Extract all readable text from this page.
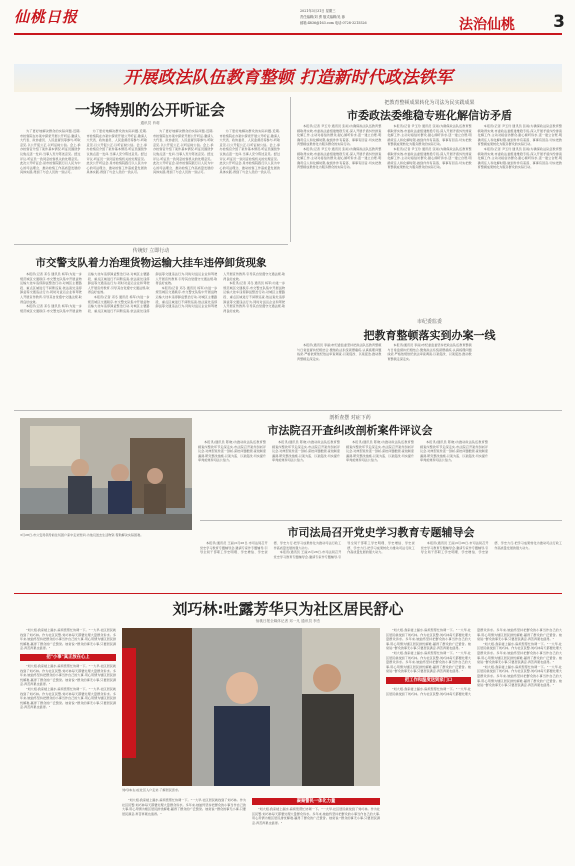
仙桃日报	2021年3月31日 星期三
责任编辑/刘 勇 版式编辑/吴 蓉
邮箱:4836@163.com 电话:0728-3215526	法治仙桃 3
开展政法队伍教育整顿 打造新时代政法铁军
一场特别的公开听证会
通讯员 肖莉

为了更好地解决群众的实际问题,近期,市检察院在办案中探索开展公开听证,邀请人大代表、政协委员、人民监督员等参与,听取意见,以公开促公正,以听证树公信。会上,承办检察官介绍了案件基本情况,听证员围绕争议焦点逐一发问,当事人充分陈述意见。经过评议,听证员一致同意检察机关的处理意见。此次公开听证会,是市检察院践行以人民为中心的司法理念、推动检察工作高质量发展的具体实践,得到了与会人员的一致认可。

为了更好地解决群众的实际问题,近期,市检察院在办案中探索开展公开听证,邀请人大代表、政协委员、人民监督员等参与,听取意见,以公开促公正,以听证树公信。会上,承办检察官介绍了案件基本情况,听证员围绕争议焦点逐一发问,当事人充分陈述意见。经过评议,听证员一致同意检察机关的处理意见。此次公开听证会,是市检察院践行以人民为中心的司法理念、推动检察工作高质量发展的具体实践,得到了与会人员的一致认可。

为了更好地解决群众的实际问题,近期,市检察院在办案中探索开展公开听证,邀请人大代表、政协委员、人民监督员等参与,听取意见,以公开促公正,以听证树公信。会上,承办检察官介绍了案件基本情况,听证员围绕争议焦点逐一发问,当事人充分陈述意见。经过评议,听证员一致同意检察机关的处理意见。此次公开听证会,是市检察院践行以人民为中心的司法理念、推动检察工作高质量发展的具体实践,得到了与会人员的一致认可。

为了更好地解决群众的实际问题,近期,市检察院在办案中探索开展公开听证,邀请人大代表、政协委员、人民监督员等参与,听取意见,以公开促公正,以听证树公信。会上,承办检察官介绍了案件基本情况,听证员围绕争议焦点逐一发问,当事人充分陈述意见。经过评议,听证员一致同意检察机关的处理意见。此次公开听证会,是市检察院践行以人民为中心的司法理念、推动检察工作高质量发展的具体实践,得到了与会人员的一致认可。

把教育整顿成果转化为司法为民实践成果
市委政法委维稳专班化解信访矛盾

本报讯(记者 尹玉玲 通讯员 张雨)为确保政法队伍教育整顿取得实效,市委政法委组建维稳专班,深入开展矛盾纠纷排查化解工作,主动对接信访群众,耐心倾听诉求,逐一建立台账,明确责任人和化解时限,做到件件有着落、事事有回音,切实把教育整顿成果转化为服务群众的实际行动。

本报讯(记者 尹玉玲 通讯员 张雨)为确保政法队伍教育整顿取得实效,市委政法委组建维稳专班,深入开展矛盾纠纷排查化解工作,主动对接信访群众,耐心倾听诉求,逐一建立台账,明确责任人和化解时限,做到件件有着落、事事有回音,切实把教育整顿成果转化为服务群众的实际行动。

本报讯(记者 尹玉玲 通讯员 张雨)为确保政法队伍教育整顿取得实效,市委政法委组建维稳专班,深入开展矛盾纠纷排查化解工作,主动对接信访群众,耐心倾听诉求,逐一建立台账,明确责任人和化解时限,做到件件有着落、事事有回音,切实把教育整顿成果转化为服务群众的实际行动。

本报讯(记者 尹玉玲 通讯员 张雨)为确保政法队伍教育整顿取得实效,市委政法委组建维稳专班,深入开展矛盾纠纷排查化解工作,主动对接信访群众,耐心倾听诉求,逐一建立台账,明确责任人和化解时限,做到件件有着落、事事有回音,切实把教育整顿成果转化为服务群众的实际行动。

本报讯(记者 尹玉玲 通讯员 张雨)为确保政法队伍教育整顿取得实效,市委政法委组建维稳专班,深入开展矛盾纠纷排查化解工作,主动对接信访群众,耐心倾听诉求,逐一建立台账,明确责任人和化解时限,做到件件有着落、事事有回音,切实把教育整顿成果转化为服务群众的实际行动。

本报讯(记者 尹玉玲 通讯员 张雨)为确保政法队伍教育整顿取得实效,市委政法委组建维稳专班,深入开展矛盾纠纷排查化解工作,主动对接信访群众,耐心倾听诉求,逐一建立台账,明确责任人和化解时限,做到件件有着落、事事有回音,切实把教育整顿成果转化为服务群众的实际行动。

市纪委监委
把教育整顿落实到办案一线

本报讯(通讯员 李丽)市纪委监委坚持把政法队伍教育整顿与日常监督执纪相结合,聚焦政法系统顽瘴痼疾,认真梳理问题线索,严格依规依纪依法审查调查,以案促改、以案促治,推动教育整顿走深走实。

本报讯(通讯员 李丽)市纪委监委坚持把政法队伍教育整顿与日常监督执纪相结合,聚焦政法系统顽瘴痼疾,认真梳理问题线索,严格依规依纪依法审查调查,以案促改、以案促治,推动教育整顿走深走实。

传统好 立即行动
市交警支队着力治理货物运输大挂车违停卸货现象

本报讯(记者 邓冬 通讯员 杨军)为进一步规范城区交通秩序,市交警支队集中开展货物运输大挂车违停卸货整治行动,对城区主要路段、重点区域进行不间断巡查,依法查处违停卸货等交通违法行为,同时对货运企业和驾驶人开展宣传教育,引导其自觉遵守交通法规,取得良好成效。

本报讯(记者 邓冬 通讯员 杨军)为进一步规范城区交通秩序,市交警支队集中开展货物运输大挂车违停卸货整治行动,对城区主要路段、重点区域进行不间断巡查,依法查处违停卸货等交通违法行为,同时对货运企业和驾驶人开展宣传教育,引导其自觉遵守交通法规,取得良好成效。

本报讯(记者 邓冬 通讯员 杨军)为进一步规范城区交通秩序,市交警支队集中开展货物运输大挂车违停卸货整治行动,对城区主要路段、重点区域进行不间断巡查,依法查处违停卸货等交通违法行为,同时对货运企业和驾驶人开展宣传教育,引导其自觉遵守交通法规,取得良好成效。

本报讯(记者 邓冬 通讯员 杨军)为进一步规范城区交通秩序,市交警支队集中开展货物运输大挂车违停卸货整治行动,对城区主要路段、重点区域进行不间断巡查,依法查处违停卸货等交通违法行为,同时对货运企业和驾驶人开展宣传教育,引导其自觉遵守交通法规,取得良好成效。

本报讯(记者 邓冬 通讯员 杨军)为进一步规范城区交通秩序,市交警支队集中开展货物运输大挂车违停卸货整治行动,对城区主要路段、重点区域进行不间断巡查,依法查处违停卸货等交通违法行为,同时对货运企业和驾驶人开展宣传教育,引导其自觉遵守交通法规,取得良好成效。

剖析查摆 对症下药
市法院召开查纠改剖析案件评议会

本报讯(通讯员 陈晓)为推动政法队伍教育整顿查纠整改环节走深走实,市法院召开案件剖析评议会,对典型案件逐一剖析,深挖问题根源,查找制度漏洞,研究整改措施,以案为鉴、以案促改,切实提升审判质效和司法公信力。

本报讯(通讯员 陈晓)为推动政法队伍教育整顿查纠整改环节走深走实,市法院召开案件剖析评议会,对典型案件逐一剖析,深挖问题根源,查找制度漏洞,研究整改措施,以案为鉴、以案促改,切实提升审判质效和司法公信力。

本报讯(通讯员 陈晓)为推动政法队伍教育整顿查纠整改环节走深走实,市法院召开案件剖析评议会,对典型案件逐一剖析,深挖问题根源,查找制度漏洞,研究整改措施,以案为鉴、以案促改,切实提升审判质效和司法公信力。

本报讯(通讯员 陈晓)为推动政法队伍教育整顿查纠整改环节走深走实,市法院召开案件剖析评议会,对典型案件逐一剖析,深挖问题根源,查找制度漏洞,研究整改措施,以案为鉴、以案促改,切实提升审判质效和司法公信力。

3月28日,市公安局领导前往贫困户家中走访慰问,为他们送去生活物资,帮助解决实际困难。	市司法局召开党史学习教育专题辅导会

本报讯(通讯员 王丽)3月26日,市司法局召开党史学习教育专题辅导会,邀请专家作专题辅导,引导全局干部职工学史明理、学史增信、学史崇德、学史力行,把学习成果转化为推动司法行政工作高质量发展的强大动力。

本报讯(通讯员 王丽)3月26日,市司法局召开党史学习教育专题辅导会,邀请专家作专题辅导,引导全局干部职工学史明理、学史增信、学史崇德、学史力行,把学习成果转化为推动司法行政工作高质量发展的强大动力。

本报讯(通讯员 王丽)3月26日,市司法局召开党史学习教育专题辅导会,邀请专家作专题辅导,引导全局干部职工学史明理、学史增信、学史崇德、学史力行,把学习成果转化为推动司法行政工作高质量发展的强大动力。

刘巧林:吐露芳华只为社区居民舒心
仙桃日报全媒体记者 邓一凡 通讯员 李杰

"刘大姐,我家楼上漏水,麻烦您帮忙协调一下。"一大早,社区居民就找到了刘巧林。作为社区民警,刘巧林每天都要处理大量群众诉求。多年来,她始终坚持把群众的小事当作自己的大事,用心用情为辖区居民排忧解难,赢得了群众的广泛赞誉。她常说:"群众的事无小事,只要居民满意,再苦再累也值得。"

把"小事"真正放在心上

"刘大姐,我家楼上漏水,麻烦您帮忙协调一下。"一大早,社区居民就找到了刘巧林。作为社区民警,刘巧林每天都要处理大量群众诉求。多年来,她始终坚持把群众的小事当作自己的大事,用心用情为辖区居民排忧解难,赢得了群众的广泛赞誉。她常说:"群众的事无小事,只要居民满意,再苦再累也值得。"

"刘大姐,我家楼上漏水,麻烦您帮忙协调一下。"一大早,社区居民就找到了刘巧林。作为社区民警,刘巧林每天都要处理大量群众诉求。多年来,她始终坚持把群众的小事当作自己的大事,用心用情为辖区居民排忧解难,赢得了群众的广泛赞誉。她常说:"群众的事无小事,只要居民满意,再苦再累也值得。"

刘巧林(右)在社区入户走访,了解居民需求。

"刘大姐,我家楼上漏水,麻烦您帮忙协调一下。"一大早,社区居民就找到了刘巧林。作为社区民警,刘巧林每天都要处理大量群众诉求。多年来,她始终坚持把群众的小事当作自己的大事,用心用情为辖区居民排忧解难,赢得了群众的广泛赞誉。她常说:"群众的事无小事,只要居民满意,再苦再累也值得。"

凝聚警民一体化力量

"刘大姐,我家楼上漏水,麻烦您帮忙协调一下。"一大早,社区居民就找到了刘巧林。作为社区民警,刘巧林每天都要处理大量群众诉求。多年来,她始终坚持把群众的小事当作自己的大事,用心用情为辖区居民排忧解难,赢得了群众的广泛赞誉。她常说:"群众的事无小事,只要居民满意,再苦再累也值得。"

"刘大姐,我家楼上漏水,麻烦您帮忙协调一下。"一大早,社区居民就找到了刘巧林。作为社区民警,刘巧林每天都要处理大量群众诉求。多年来,她始终坚持把群众的小事当作自己的大事,用心用情为辖区居民排忧解难,赢得了群众的广泛赞誉。她常说:"群众的事无小事,只要居民满意,再苦再累也值得。"

"刘大姐,我家楼上漏水,麻烦您帮忙协调一下。"一大早,社区居民就找到了刘巧林。作为社区民警,刘巧林每天都要处理大量群众诉求。多年来,她始终坚持把群众的小事当作自己的大事,用心用情为辖区居民排忧解难,赢得了群众的广泛赞誉。她常说:"群众的事无小事,只要居民满意,再苦再累也值得。"

把工作和温度送到家门口

"刘大姐,我家楼上漏水,麻烦您帮忙协调一下。"一大早,社区居民就找到了刘巧林。作为社区民警,刘巧林每天都要处理大量群众诉求。多年来,她始终坚持把群众的小事当作自己的大事,用心用情为辖区居民排忧解难,赢得了群众的广泛赞誉。她常说:"群众的事无小事,只要居民满意,再苦再累也值得。"

"刘大姐,我家楼上漏水,麻烦您帮忙协调一下。"一大早,社区居民就找到了刘巧林。作为社区民警,刘巧林每天都要处理大量群众诉求。多年来,她始终坚持把群众的小事当作自己的大事,用心用情为辖区居民排忧解难,赢得了群众的广泛赞誉。她常说:"群众的事无小事,只要居民满意,再苦再累也值得。"

"刘大姐,我家楼上漏水,麻烦您帮忙协调一下。"一大早,社区居民就找到了刘巧林。作为社区民警,刘巧林每天都要处理大量群众诉求。多年来,她始终坚持把群众的小事当作自己的大事,用心用情为辖区居民排忧解难,赢得了群众的广泛赞誉。她常说:"群众的事无小事,只要居民满意,再苦再累也值得。"
